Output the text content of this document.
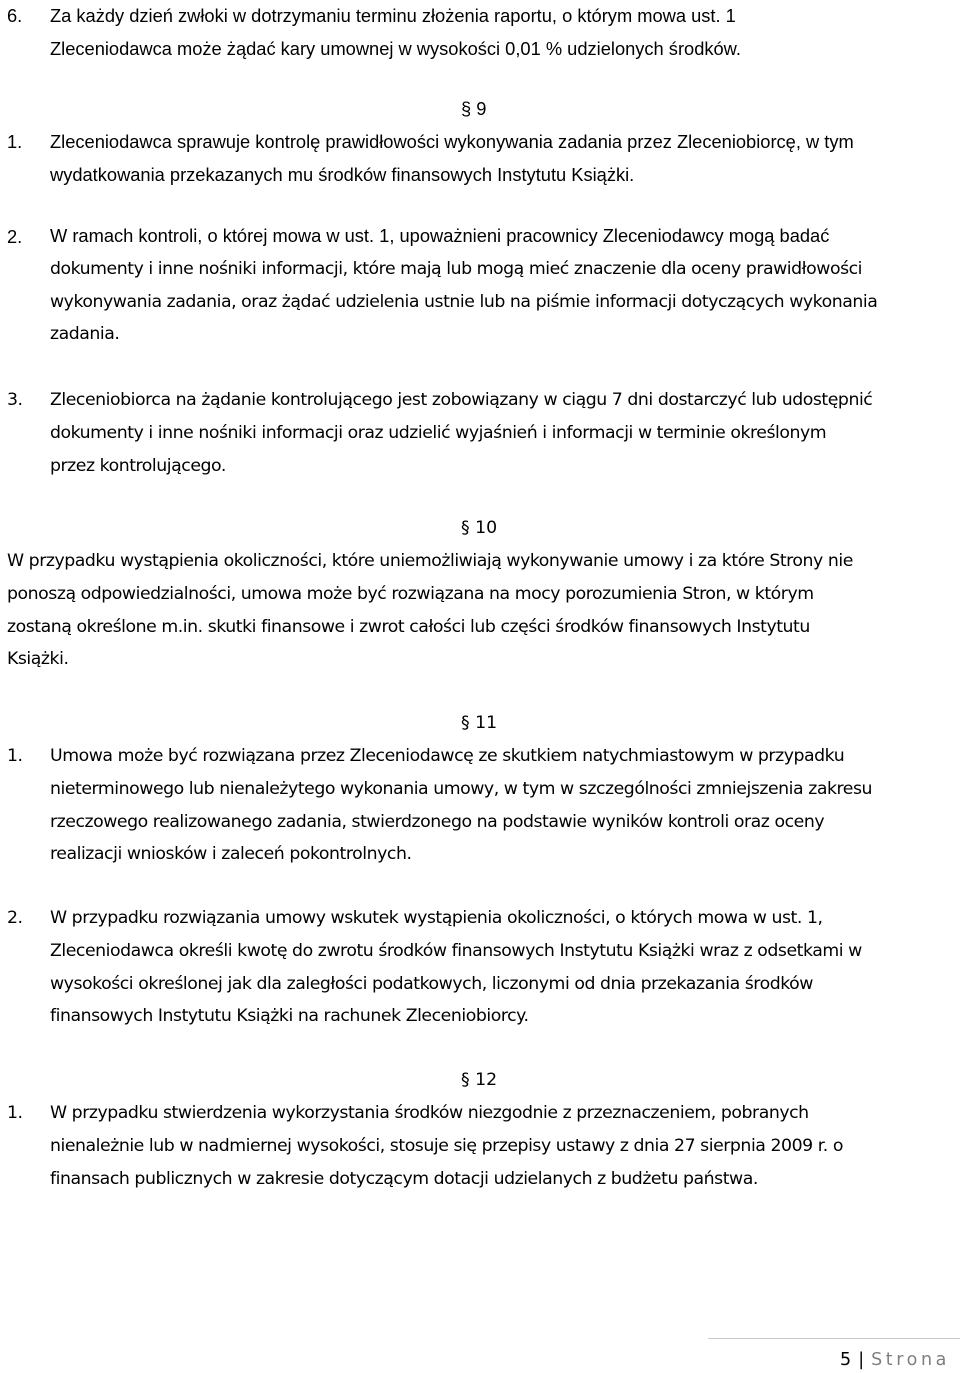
6. Za każdy dzień zwłoki w dotrzymaniu terminu złożenia raportu, o którym mowa ust. 1
Zleceniodawca może żądać kary umownej w wysokości 0,01 % udzielonych środków.
§ 9
1. Zleceniodawca sprawuje kontrolę prawidłowości wykonywania zadania przez Zleceniobiorcę, w tym
wydatkowania przekazanych mu środków finansowych Instytutu Książki.
2. W ramach kontroli, o której mowa w ust. 1, upoważnieni pracownicy Zleceniodawcy mogą badać
dokumenty i inne nośniki informacji, które mają lub mogą mieć znaczenie dla oceny prawidłowości
wykonywania zadania, oraz żądać udzielenia ustnie lub na piśmie informacji dotyczących wykonania
zadania.
3. Zleceniobiorca na żądanie kontrolującego jest zobowiązany w ciągu 7 dni dostarczyć lub udostępnić
dokumenty i inne nośniki informacji oraz udzielić wyjaśnień i informacji w terminie określonym
przez kontrolującego.
§ 10
W przypadku wystąpienia okoliczności, które uniemożliwiają wykonywanie umowy i za które Strony nie
ponoszą odpowiedzialności, umowa może być rozwiązana na mocy porozumienia Stron, w którym
zostaną określone m.in. skutki finansowe i zwrot całości lub części środków finansowych Instytutu
Książki.
§ 11
1. Umowa może być rozwiązana przez Zleceniodawcę ze skutkiem natychmiastowym w przypadku
nieterminowego lub nienależytego wykonania umowy, w tym w szczególności zmniejszenia zakresu
rzeczowego realizowanego zadania, stwierdzonego na podstawie wyników kontroli oraz oceny
realizacji wniosków i zaleceń pokontrolnych.
2. W przypadku rozwiązania umowy wskutek wystąpienia okoliczności, o których mowa w ust. 1,
Zleceniodawca określi kwotę do zwrotu środków finansowych Instytutu Książki wraz z odsetkami w
wysokości określonej jak dla zaległości podatkowych, liczonymi od dnia przekazania środków
finansowych Instytutu Książki na rachunek Zleceniobiorcy.
§ 12
1. W przypadku stwierdzenia wykorzystania środków niezgodnie z przeznaczeniem, pobranych
nienależnie lub w nadmiernej wysokości, stosuje się przepisy ustawy z dnia 27 sierpnia 2009 r. o
finansach publicznych w zakresie dotyczącym dotacji udzielanych z budżetu państwa.
5 | Strona
